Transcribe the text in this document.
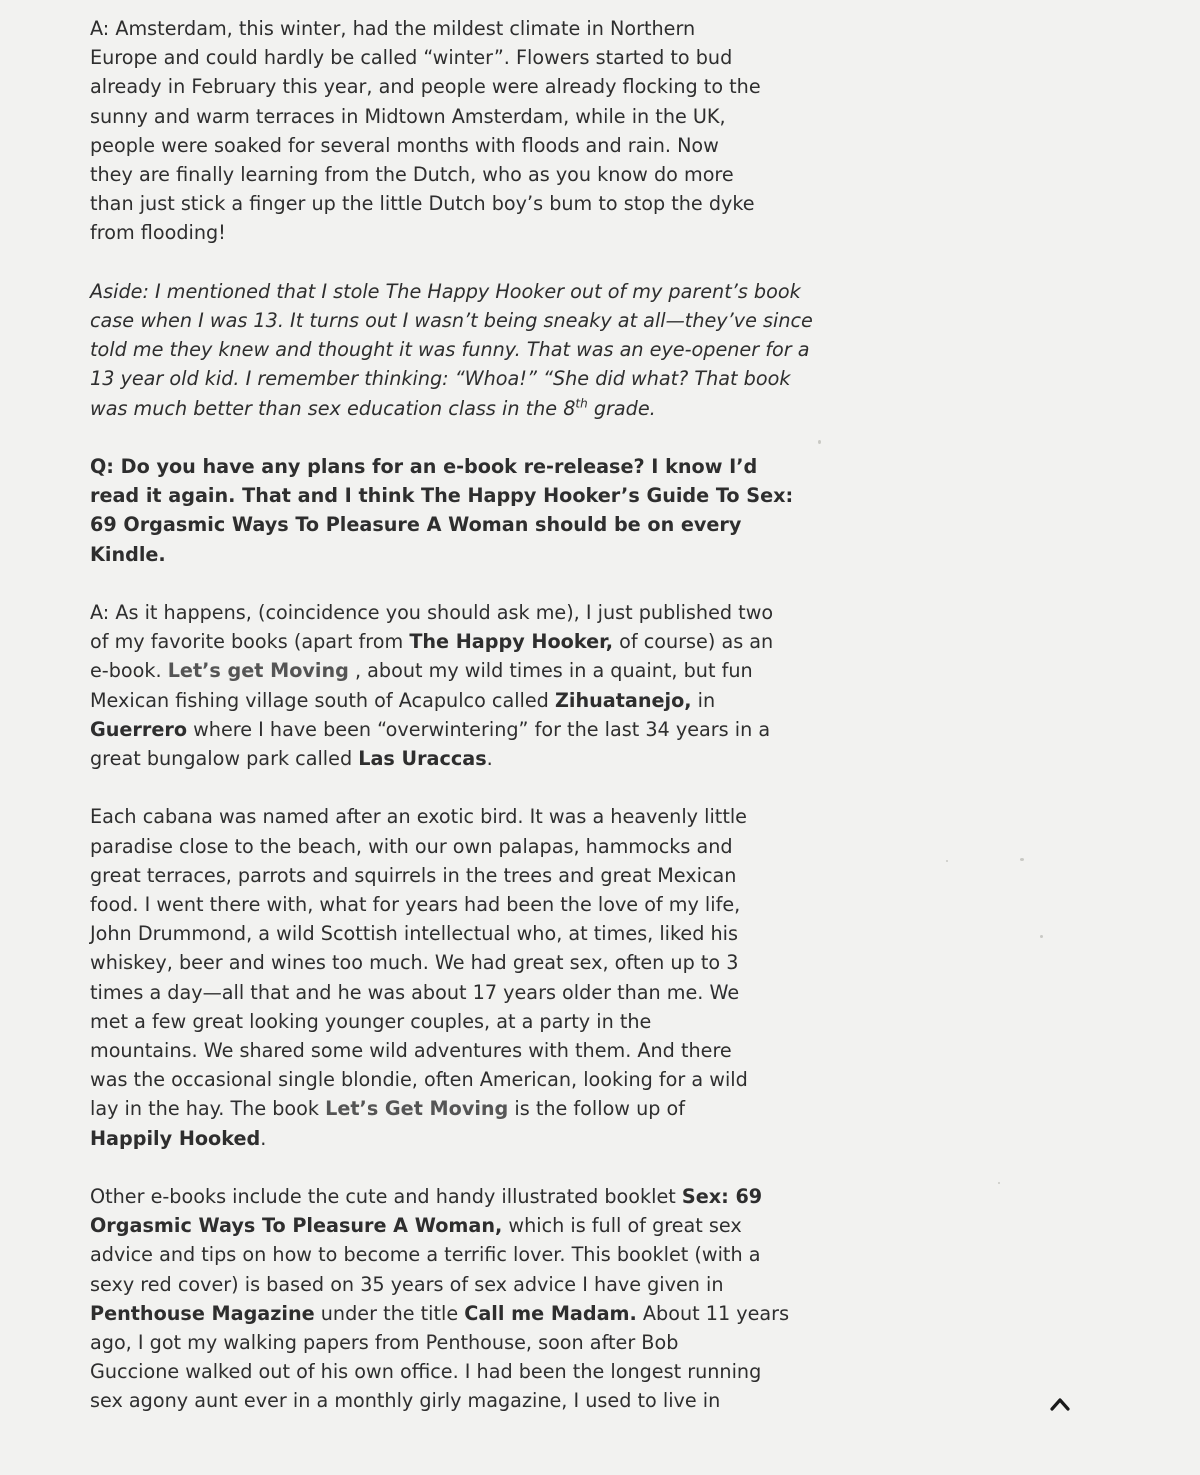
A: Amsterdam, this winter, had the mildest climate in Northern
Europe and could hardly be called “winter”. Flowers started to bud
already in February this year, and people were already flocking to the
sunny and warm terraces in Midtown Amsterdam, while in the UK,
people were soaked for several months with floods and rain. Now
they are finally learning from the Dutch, who as you know do more
than just stick a finger up the little Dutch boy’s bum to stop the dyke
from flooding!

Aside: I mentioned that I stole The Happy Hooker out of my parent’s book
case when I was 13. It turns out I wasn’t being sneaky at all—they’ve since
told me they knew and thought it was funny. That was an eye-opener for a
13 year old kid. I remember thinking: “Whoa!” “She did what? That book
was much better than sex education class in the 8th grade.

Q: Do you have any plans for an e-book re-release? I know I’d
read it again. That and I think The Happy Hooker’s Guide To Sex:
69 Orgasmic Ways To Pleasure A Woman should be on every
Kindle.

A: As it happens, (coincidence you should ask me), I just published two
of my favorite books (apart from The Happy Hooker, of course) as an
e-book. Let’s get Moving , about my wild times in a quaint, but fun
Mexican fishing village south of Acapulco called Zihuatanejo, in
Guerrero where I have been “overwintering” for the last 34 years in a
great bungalow park called Las Uraccas.

Each cabana was named after an exotic bird. It was a heavenly little
paradise close to the beach, with our own palapas, hammocks and
great terraces, parrots and squirrels in the trees and great Mexican
food. I went there with, what for years had been the love of my life,
John Drummond, a wild Scottish intellectual who, at times, liked his
whiskey, beer and wines too much. We had great sex, often up to 3
times a day—all that and he was about 17 years older than me. We
met a few great looking younger couples, at a party in the
mountains. We shared some wild adventures with them. And there
was the occasional single blondie, often American, looking for a wild
lay in the hay. The book Let’s Get Moving is the follow up of
Happily Hooked.

Other e-books include the cute and handy illustrated booklet Sex: 69
Orgasmic Ways To Pleasure A Woman, which is full of great sex
advice and tips on how to become a terrific lover. This booklet (with a
sexy red cover) is based on 35 years of sex advice I have given in
Penthouse Magazine under the title Call me Madam. About 11 years
ago, I got my walking papers from Penthouse, soon after Bob
Guccione walked out of his own office. I had been the longest running
sex agony aunt ever in a monthly girly magazine, I used to live in
